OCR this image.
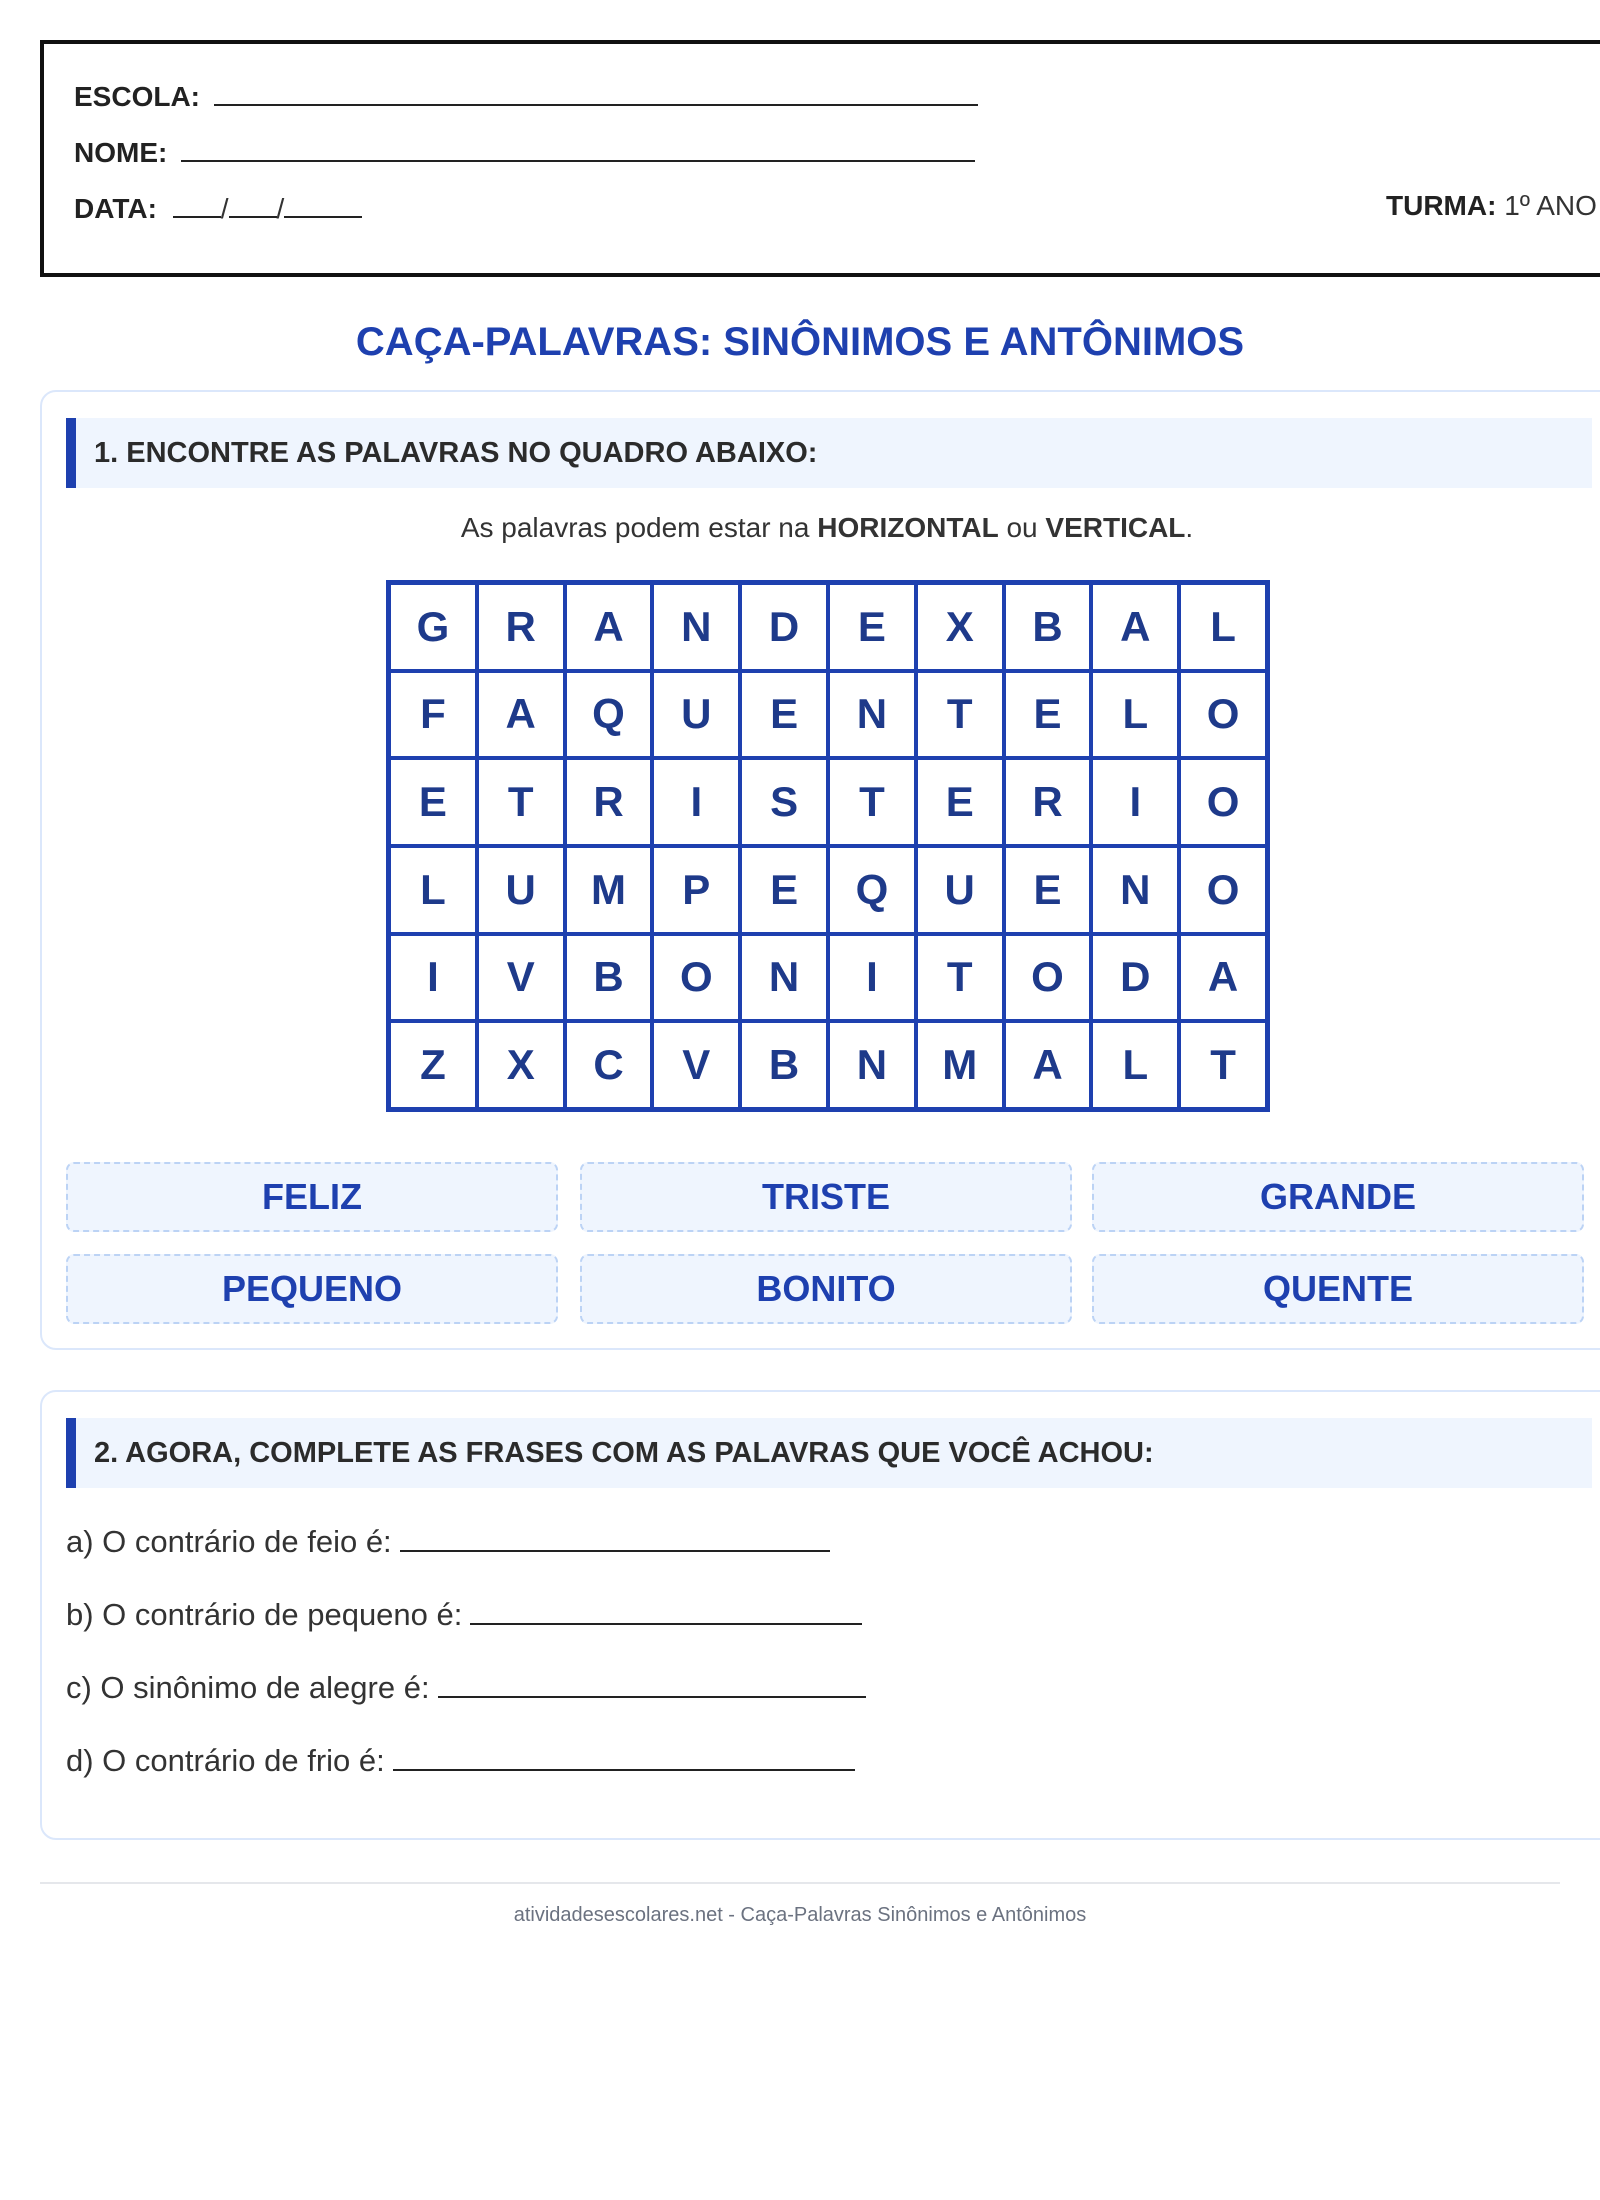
ESCOLA:
NOME:
DATA: / /	TURMA: 1º ANO
CAÇA-PALAVRAS: SINÔNIMOS E ANTÔNIMOS
1. ENCONTRE AS PALAVRAS NO QUADRO ABAIXO:
As palavras podem estar na HORIZONTAL ou VERTICAL.
G	R	A	N	D	E	X	B	A	L
F	A	Q	U	E	N	T	E	L	O
E	T	R	I	S	T	E	R	I	O
L	U	M	P	E	Q	U	E	N	O
I	V	B	O	N	I	T	O	D	A
Z	X	C	V	B	N	M	A	L	T
FELIZ	TRISTE	GRANDE
PEQUENO	BONITO	QUENTE
2. AGORA, COMPLETE AS FRASES COM AS PALAVRAS QUE VOCÊ ACHOU:
a) O contrário de feio é:
b) O contrário de pequeno é:
c) O sinônimo de alegre é:
d) O contrário de frio é:
atividadesescolares.net - Caça-Palavras Sinônimos e Antônimos
